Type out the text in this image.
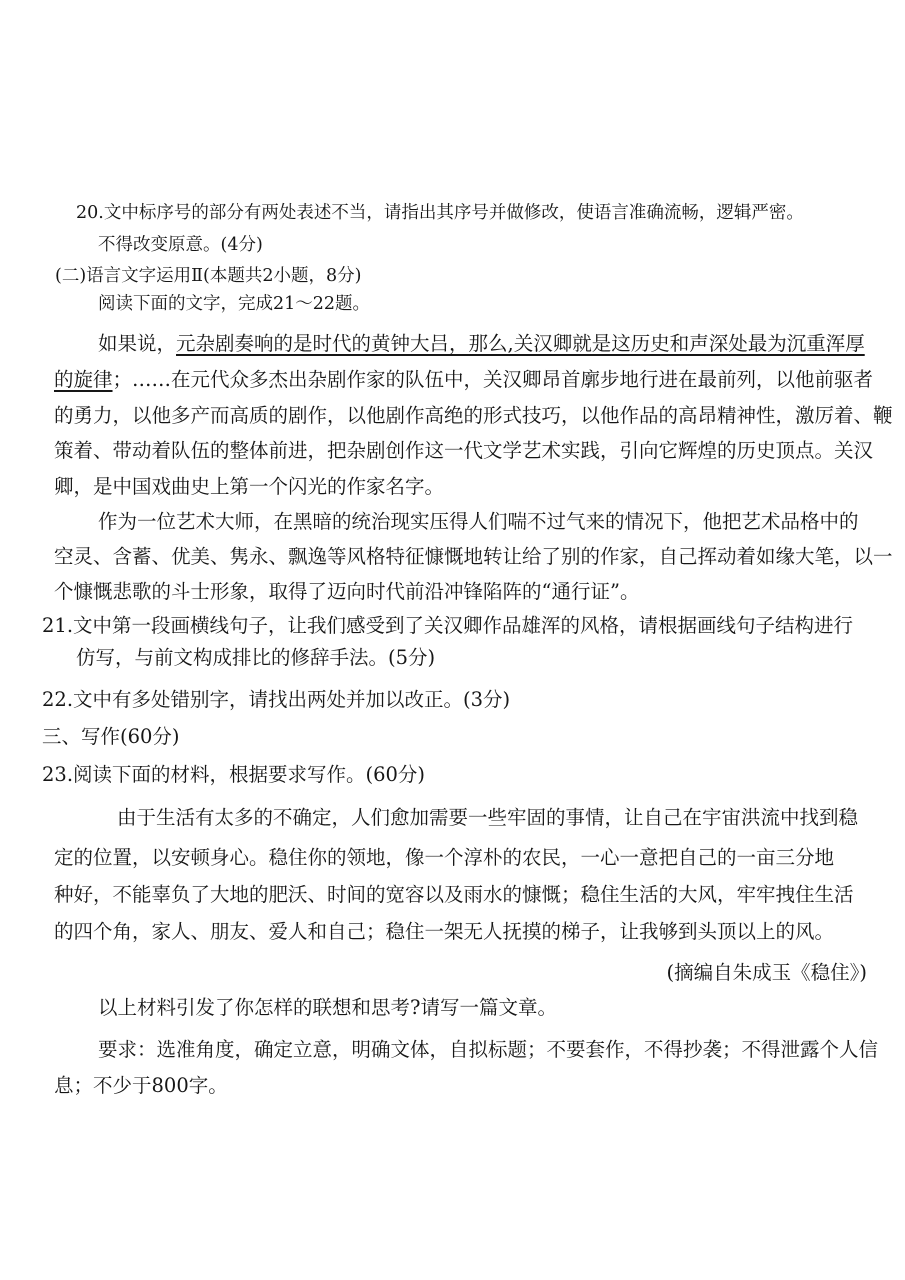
20.文中标序号的部分有两处表述不当，请指出其序号并做修改，使语言准确流畅，逻辑严密。
不得改变原意。(4分)
(二)语言文字运用Ⅱ(本题共2小题，8分)
阅读下面的文字，完成21～22题。
如果说，元杂剧奏响的是时代的黄钟大吕，那么,关汉卿就是这历史和声深处最为沉重浑厚
的旋律；……在元代众多杰出杂剧作家的队伍中，关汉卿昂首廓步地行进在最前列，以他前驱者
的勇力，以他多产而高质的剧作，以他剧作高绝的形式技巧，以他作品的高昂精神性，激厉着、鞭
策着、带动着队伍的整体前进，把杂剧创作这一代文学艺术实践，引向它辉煌的历史顶点。关汉
卿，是中国戏曲史上第一个闪光的作家名字。
作为一位艺术大师，在黑暗的统治现实压得人们喘不过气来的情况下，他把艺术品格中的
空灵、含蓄、优美、隽永、飘逸等风格特征慷慨地转让给了别的作家，自己挥动着如缘大笔，以一
个慷慨悲歌的斗士形象，取得了迈向时代前沿冲锋陷阵的“通行证”。
21.文中第一段画横线句子，让我们感受到了关汉卿作品雄浑的风格，请根据画线句子结构进行
仿写，与前文构成排比的修辞手法。(5分)
22.文中有多处错别字，请找出两处并加以改正。(3分)
三、写作(60分)
23.阅读下面的材料，根据要求写作。(60分)
由于生活有太多的不确定，人们愈加需要一些牢固的事情，让自己在宇宙洪流中找到稳
定的位置，以安顿身心。稳住你的领地，像一个淳朴的农民，一心一意把自己的一亩三分地
种好，不能辜负了大地的肥沃、时间的宽容以及雨水的慷慨；稳住生活的大风，牢牢拽住生活
的四个角，家人、朋友、爱人和自己；稳住一架无人抚摸的梯子，让我够到头顶以上的风。
(摘编自朱成玉《稳住》)
以上材料引发了你怎样的联想和思考?请写一篇文章。
要求：选准角度，确定立意，明确文体，自拟标题；不要套作，不得抄袭；不得泄露个人信
息；不少于800字。
